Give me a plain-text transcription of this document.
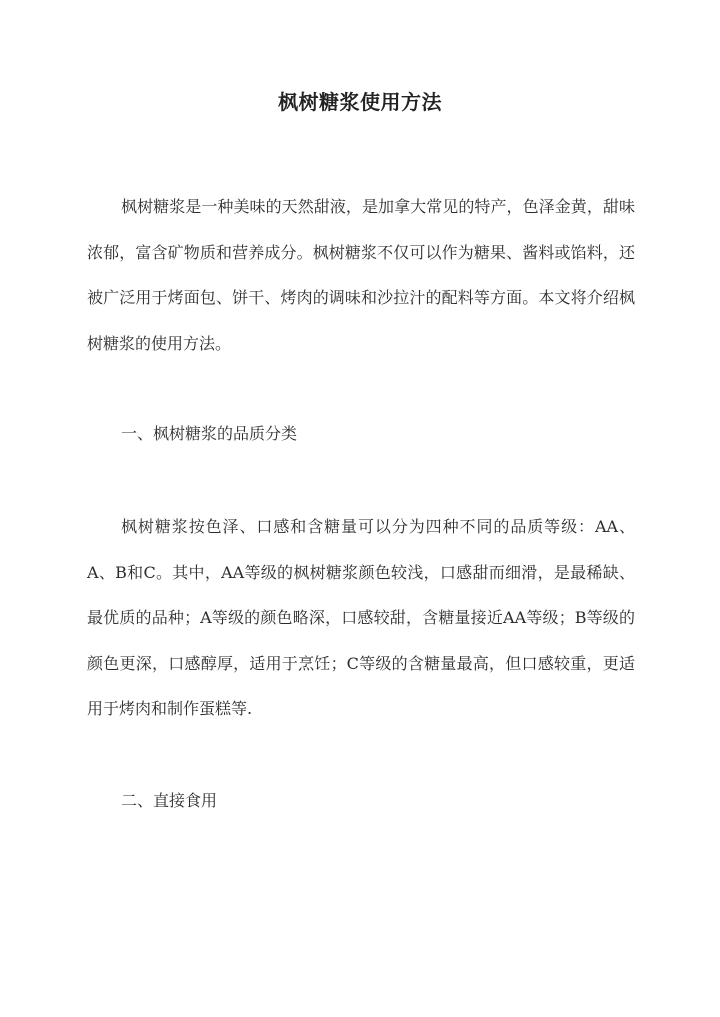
枫树糖浆使用方法

枫树糖浆是一种美味的天然甜液，是加拿大常见的特产，色泽金黄，甜味浓郁，富含矿物质和营养成分。枫树糖浆不仅可以作为糖果、酱料或馅料，还被广泛用于烤面包、饼干、烤肉的调味和沙拉汁的配料等方面。本文将介绍枫树糖浆的使用方法。

一、枫树糖浆的品质分类

枫树糖浆按色泽、口感和含糖量可以分为四种不同的品质等级：AA、A、B和C。其中，AA等级的枫树糖浆颜色较浅，口感甜而细滑，是最稀缺、最优质的品种；A等级的颜色略深，口感较甜，含糖量接近AA等级；B等级的颜色更深，口感醇厚，适用于烹饪；C等级的含糖量最高，但口感较重，更适用于烤肉和制作蛋糕等.

二、直接食用
